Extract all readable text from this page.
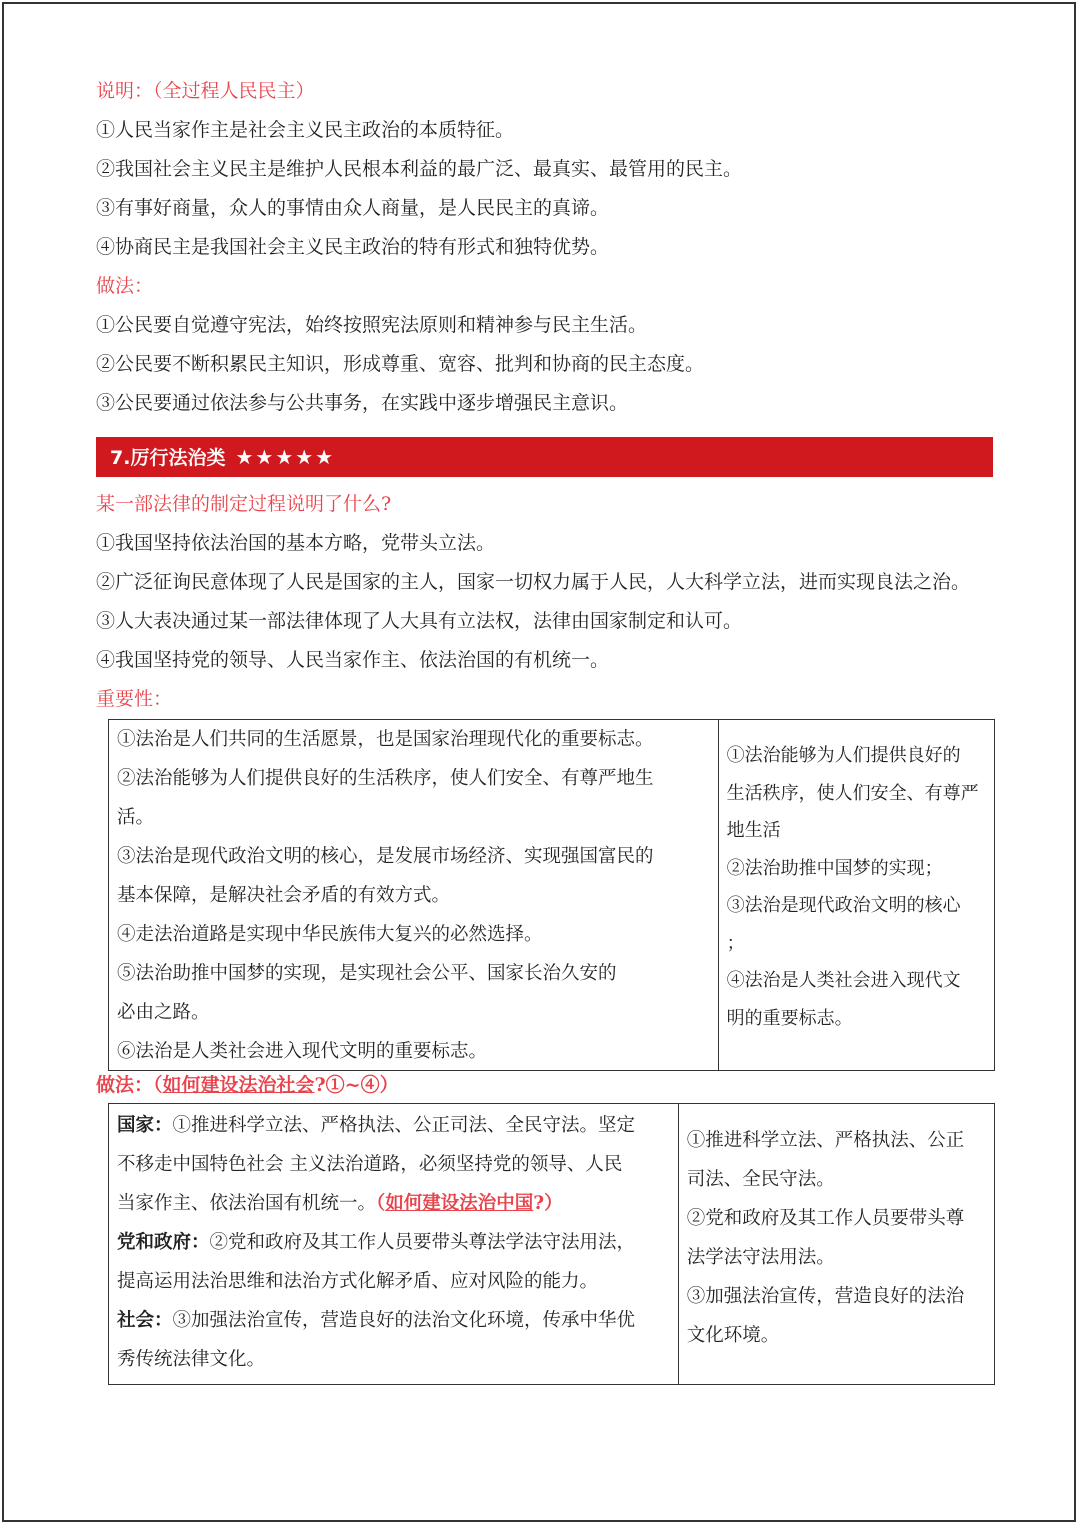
说明：（全过程人民民主）
①人民当家作主是社会主义民主政治的本质特征。
②我国社会主义民主是维护人民根本利益的最广泛、最真实、最管用的民主。
③有事好商量，众人的事情由众人商量，是人民民主的真谛。
④协商民主是我国社会主义民主政治的特有形式和独特优势。
做法：
①公民要自觉遵守宪法，始终按照宪法原则和精神参与民主生活。
②公民要不断积累民主知识，形成尊重、宽容、批判和协商的民主态度。
③公民要通过依法参与公共事务，在实践中逐步增强民主意识。
7.厉行法治类 ★★★★★
某一部法律的制定过程说明了什么?
①我国坚持依法治国的基本方略，党带头立法。
②广泛征询民意体现了人民是国家的主人，国家一切权力属于人民，人大科学立法，进而实现良法之治。
③人大表决通过某一部法律体现了人大具有立法权，法律由国家制定和认可。
④我国坚持党的领导、人民当家作主、依法治国的有机统一。
重要性：
①法治是人们共同的生活愿景，也是国家治理现代化的重要标志。
②法治能够为人们提供良好的生活秩序，使人们安全、有尊严地生
活。
③法治是现代政治文明的核心，是发展市场经济、实现强国富民的
基本保障，是解决社会矛盾的有效方式。
④走法治道路是实现中华民族伟大复兴的必然选择。
⑤法治助推中国梦的实现，是实现社会公平、国家长治久安的
必由之路。
⑥法治是人类社会进入现代文明的重要标志。
①法治能够为人们提供良好的
生活秩序，使人们安全、有尊严
地生活
②法治助推中国梦的实现；
③法治是现代政治文明的核心
；
④法治是人类社会进入现代文
明的重要标志。
做法：（如何建设法治社会?①~④）
国家：①推进科学立法、严格执法、公正司法、全民守法。坚定
不移走中国特色社会 主义法治道路，必须坚持党的领导、人民
当家作主、依法治国有机统一。（如何建设法治中国?）
党和政府：②党和政府及其工作人员要带头尊法学法守法用法，
提高运用法治思维和法治方式化解矛盾、应对风险的能力。
社会：③加强法治宣传，营造良好的法治文化环境，传承中华优
秀传统法律文化。
①推进科学立法、严格执法、公正
司法、全民守法。
②党和政府及其工作人员要带头尊
法学法守法用法。
③加强法治宣传，营造良好的法治
文化环境。
